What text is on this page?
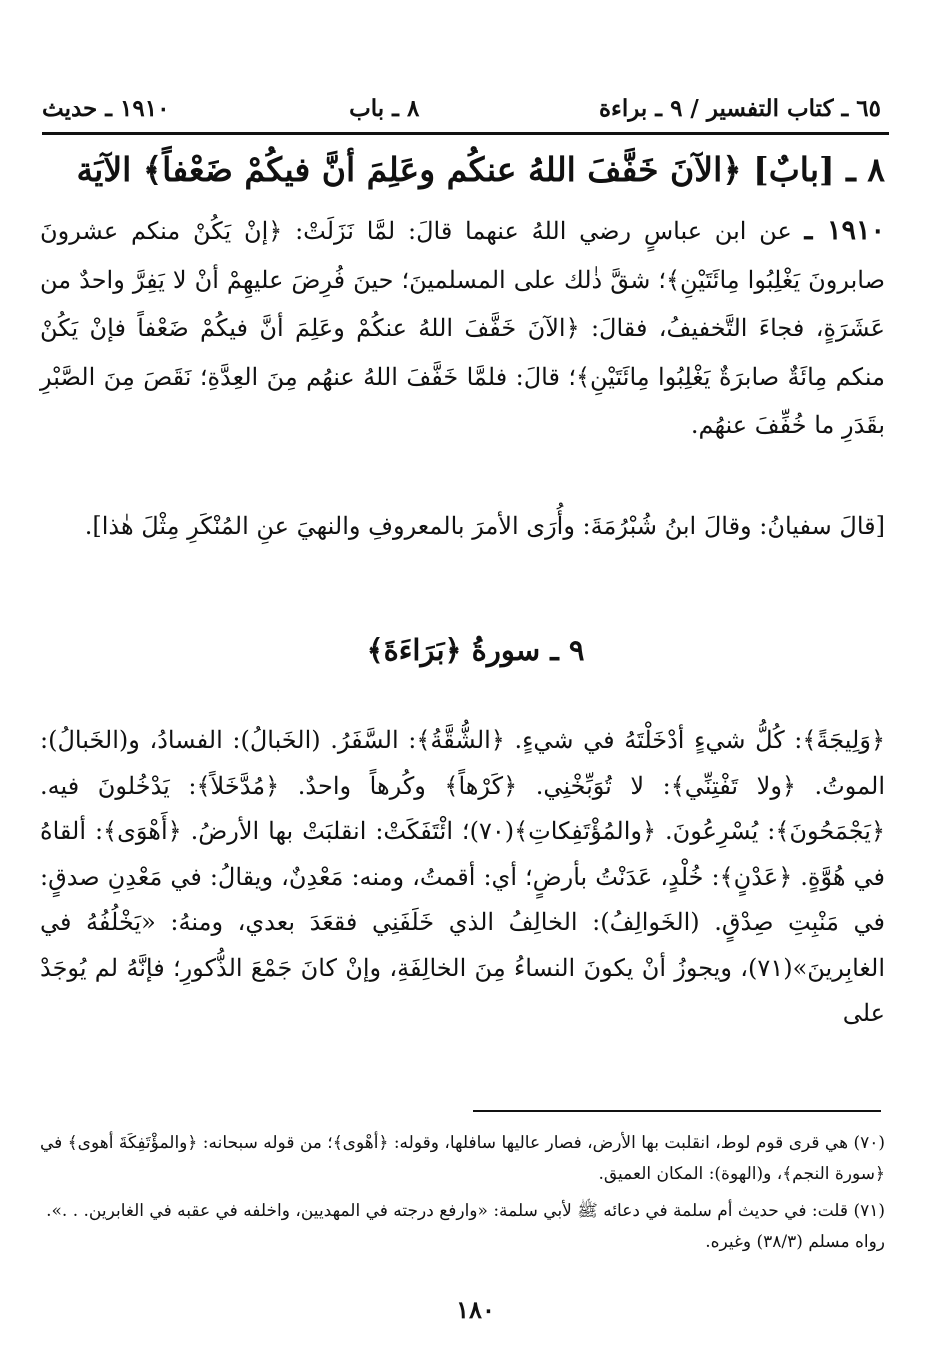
٦٥ ـ كتاب التفسير / ٩ ـ براءة
٨ ـ باب
١٩١٠ ـ حديث
٨ ـ [بابٌ] ﴿الآنَ خَفَّفَ اللهُ عنكُم وعَلِمَ أنَّ فيكُمْ ضَعْفاً﴾ الآيَة
١٩١٠ ـ عن ابن عباسٍ رضي اللهُ عنهما قالَ: لمَّا نَزَلَتْ: ﴿إنْ يَكُنْ منكم عشرونَ صابرونَ يَغْلِبُوا مِائَتَيْنِ﴾؛ شقَّ ذٰلك على المسلمينَ؛ حينَ فُرِضَ عليهِمْ أنْ لا يَفِرَّ واحدٌ من عَشَرَةٍ، فجاءَ التَّخفيفُ، فقالَ: ﴿الآنَ خَفَّفَ اللهُ عنكُمْ وعَلِمَ أنَّ فيكُمْ ضَعْفاً فإنْ يَكُنْ منكم مِائَةٌ صابرَةٌ يَغْلِبُوا مِائَتَيْنِ﴾؛ قالَ: فلمَّا خَفَّفَ اللهُ عنهُم مِنَ العِدَّةِ؛ نَقَصَ مِنَ الصَّبْرِ بقَدَرِ ما خُفِّفَ عنهُم.
[قالَ سفيانُ: وقالَ ابنُ شُبْرُمَةَ: وأُرَى الأمرَ بالمعروفِ والنهيَ عنِ المُنْكَرِ مِثْلَ هٰذا].
٩ ـ سورةُ ﴿بَرَاءَةَ﴾
﴿وَلِيجَةً﴾: كُلُّ شيءٍ أدْخَلْتَهُ في شيءٍ. ﴿الشُّقَّةُ﴾: السَّفَرُ. (الخَبالُ): الفسادُ، و(الخَبالُ): الموتُ. ﴿ولا تَفْتِنِّي﴾: لا تُوَبِّخْنِي. ﴿كَرْهاً﴾ وكُرهاً واحدٌ. ﴿مُدَّخَلاً﴾: يَدْخُلونَ فيه. ﴿يَجْمَحُونَ﴾: يُسْرِعُونَ. ﴿والمُؤْتَفِكاتِ﴾(٧٠)؛ ائْتَفَكَتْ: انقلبَتْ بها الأرضُ. ﴿أَهْوَى﴾: ألقاهُ في هُوَّةٍ. ﴿عَدْنٍ﴾: خُلْدٍ، عَدَنْتُ بأرضٍ؛ أي: أقمتُ، ومنه: مَعْدِنٌ، ويقالُ: في مَعْدِنِ صدقٍ: في مَنْبِتِ صِدْقٍ. (الخَوالِفُ): الخالِفُ الذي خَلَفَنِي فقعَدَ بعدي، ومنهُ: «يَخْلُفُهُ في الغابِرينَ»(٧١)، ويجوزُ أنْ يكونَ النساءُ مِنَ الخالِفَةِ، وإنْ كانَ جَمْعَ الذُّكورِ؛ فإنَّهُ لم يُوجَدْ على

(٧٠) هي قرى قوم لوط، انقلبت بها الأرض، فصار عاليها سافلها، وقوله: ﴿أهْوى﴾؛ من قوله سبحانه: ﴿والمؤْتَفِكَةَ أهوى﴾ في ﴿سورة النجم﴾، و(الهوة): المكان العميق.

(٧١) قلت: في حديث أم سلمة في دعائه ﷺ لأبي سلمة: «وارفع درجته في المهديين، واخلفه في عقبه في الغابرين. . .». رواه مسلم (٣٨/٣) وغيره.

١٨٠
